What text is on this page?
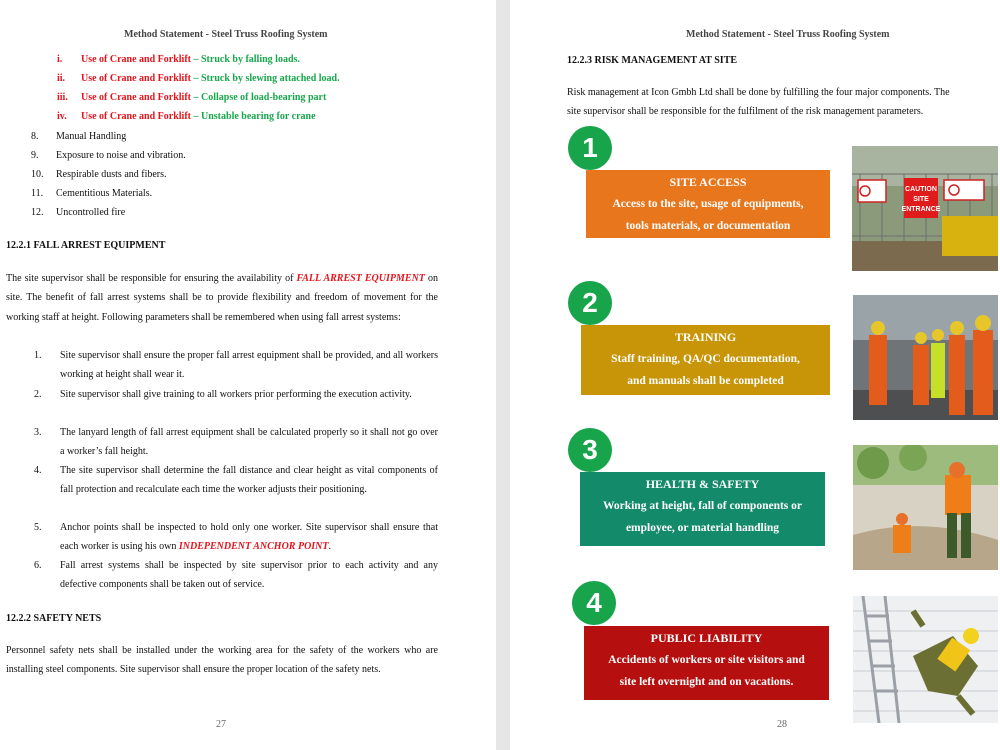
Method Statement - Steel Truss Roofing System
i. Use of Crane and Forklift – Struck by falling loads.
ii. Use of Crane and Forklift – Struck by slewing attached load.
iii. Use of Crane and Forklift – Collapse of load-bearing part
iv. Use of Crane and Forklift – Unstable bearing for crane
8. Manual Handling
9. Exposure to noise and vibration.
10. Respirable dusts and fibers.
11. Cementitious Materials.
12. Uncontrolled fire
12.2.1 FALL ARREST EQUIPMENT
The site supervisor shall be responsible for ensuring the availability of FALL ARREST EQUIPMENT on site. The benefit of fall arrest systems shall be to provide flexibility and freedom of movement for the working staff at height. Following parameters shall be remembered when using fall arrest systems:
1. Site supervisor shall ensure the proper fall arrest equipment shall be provided, and all workers working at height shall wear it.
2. Site supervisor shall give training to all workers prior performing the execution activity.
3. The lanyard length of fall arrest equipment shall be calculated properly so it shall not go over a worker’s fall height.
4. The site supervisor shall determine the fall distance and clear height as vital components of fall protection and recalculate each time the worker adjusts their positioning.
5. Anchor points shall be inspected to hold only one worker. Site supervisor shall ensure that each worker is using his own INDEPENDENT ANCHOR POINT.
6. Fall arrest systems shall be inspected by site supervisor prior to each activity and any defective components shall be taken out of service.
12.2.2 SAFETY NETS
Personnel safety nets shall be installed under the working area for the safety of the workers who are installing steel components. Site supervisor shall ensure the proper location of the safety nets.
27
Method Statement - Steel Truss Roofing System
12.2.3 RISK MANAGEMENT AT SITE
Risk management at Icon Gmbh Ltd shall be done by fulfilling the four major components. The
site supervisor shall be responsible for the fulfilment of the risk management parameters.
1
2
3
4
SITE ACCESS
Access to the site, usage of equipments,
tools materials, or documentation
TRAINING
Staff training, QA/QC documentation,
and manuals shall be completed
HEALTH & SAFETY
Working at height, fall of components or
employee, or material handling
PUBLIC LIABILITY
Accidents of workers or site visitors and
site left overnight and on vacations.
CAUTION
SITE
ENTRANCE
28
